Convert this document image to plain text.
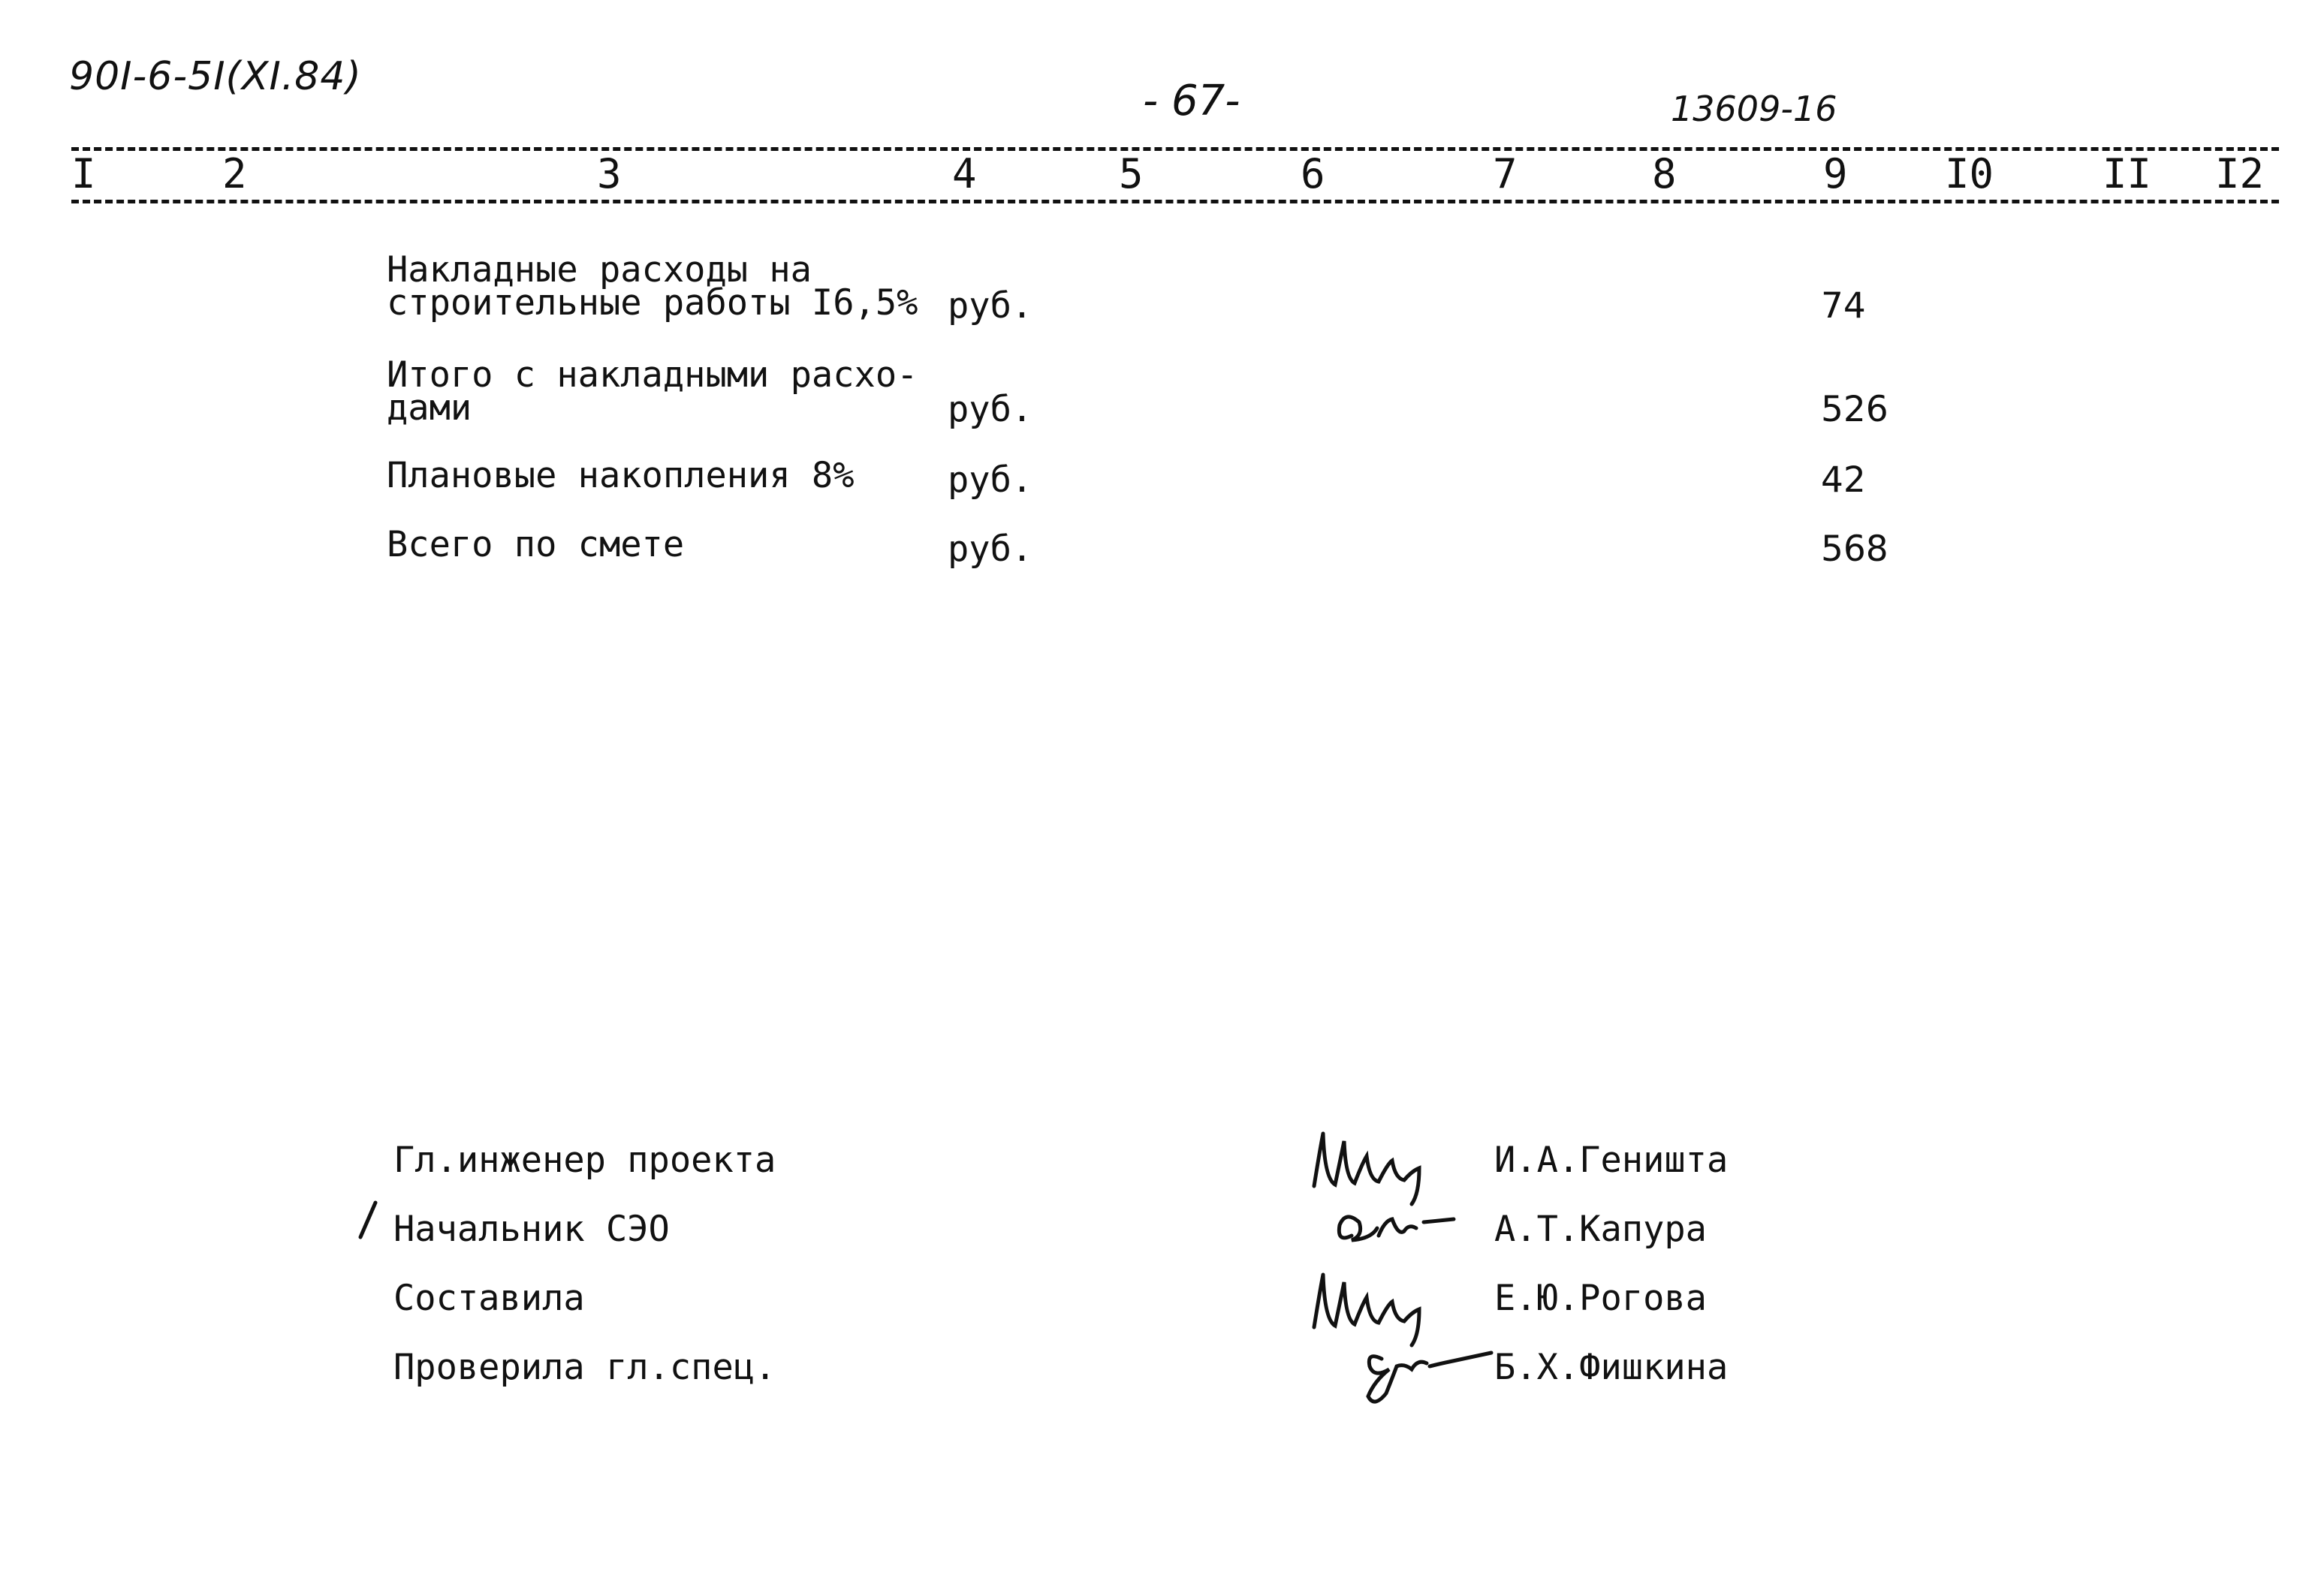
90I-6-5I(XI.84)	- 67-	13609-16
I	2	3	4	5	6	7	8	9 I0	II I2
Накладные расходы на
строительные работы I6,5% руб.	74
Итого с накладными расхо-
дами	руб.	526
Плановые накопления 8%	руб.	42
Всего по смете	руб.	568
Гл.инженер проекта
Начальник СЭО
Составила
Проверила гл.спец.
И.А.Геништа
А.Т.Капура
Е.Ю.Рогова
Б.Х.Фишкина
